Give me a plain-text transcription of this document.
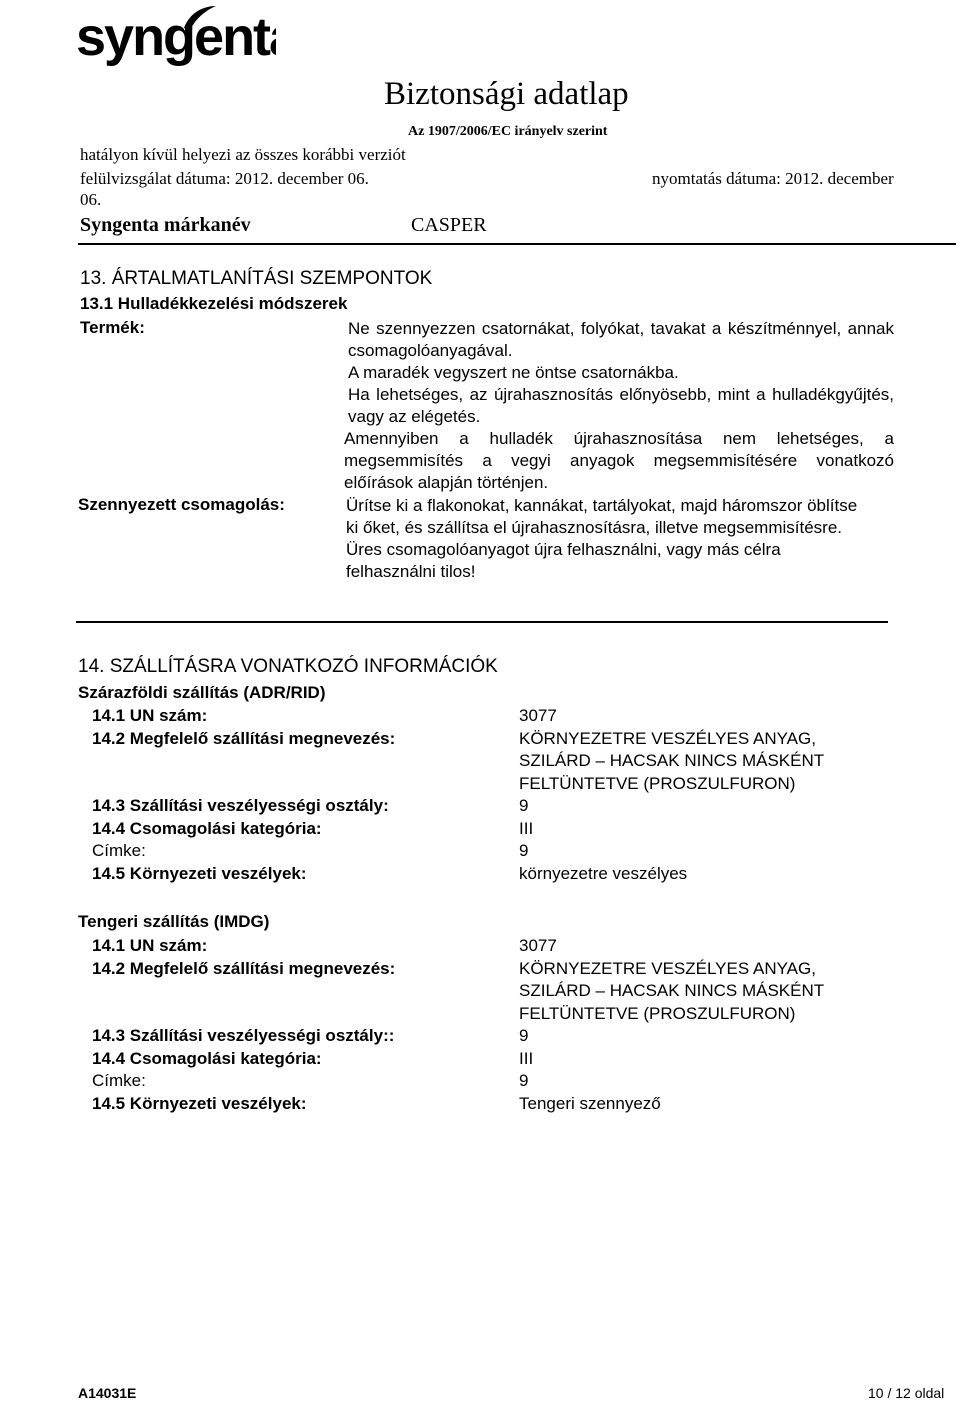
syngenta
Biztonsági adatlap
Az 1907/2006/EC irányelv szerint
hatályon kívül helyezi az összes korábbi verziót
felülvizsgálat dátuma: 2012. december 06.	nyomtatás dátuma: 2012. december
06.
Syngenta márkanév	CASPER
13. ÁRTALMATLANÍTÁSI SZEMPONTOK
13.1 Hulladékkezelési módszerek
Termék:	Ne szennyezzen csatornákat, folyókat, tavakat a készítménnyel, annak csomagolóanyagával.
A maradék vegyszert ne öntse csatornákba.
Ha lehetséges, az újrahasznosítás előnyösebb, mint a hulladékgyűjtés, vagy az elégetés.
Amennyiben a hulladék újrahasznosítása nem lehetséges, a megsemmisítés a vegyi anyagok megsemmisítésére vonatkozó előírások alapján történjen.
Szennyezett csomagolás:	Ürítse ki a flakonokat, kannákat, tartályokat, majd háromszor öblítse ki őket, és szállítsa el újrahasznosításra, illetve megsemmisítésre.
Üres csomagolóanyagot újra felhasználni, vagy más célra felhasználni tilos!
14. SZÁLLÍTÁSRA VONATKOZÓ INFORMÁCIÓK
Szárazföldi szállítás (ADR/RID)
14.1 UN szám:	3077
14.2 Megfelelő szállítási megnevezés:	KÖRNYEZETRE VESZÉLYES ANYAG,
SZILÁRD – HACSAK NINCS MÁSKÉNT
FELTÜNTETVE (PROSZULFURON)
14.3 Szállítási veszélyességi osztály:	9
14.4 Csomagolási kategória:	III
Címke:	9
14.5 Környezeti veszélyek:	környezetre veszélyes
Tengeri szállítás (IMDG)
14.1 UN szám:	3077
14.2 Megfelelő szállítási megnevezés:	KÖRNYEZETRE VESZÉLYES ANYAG,
SZILÁRD – HACSAK NINCS MÁSKÉNT
FELTÜNTETVE (PROSZULFURON)
14.3 Szállítási veszélyességi osztály::	9
14.4 Csomagolási kategória:	III
Címke:	9
14.5 Környezeti veszélyek:	Tengeri szennyező
A14031E	10 / 12 oldal
